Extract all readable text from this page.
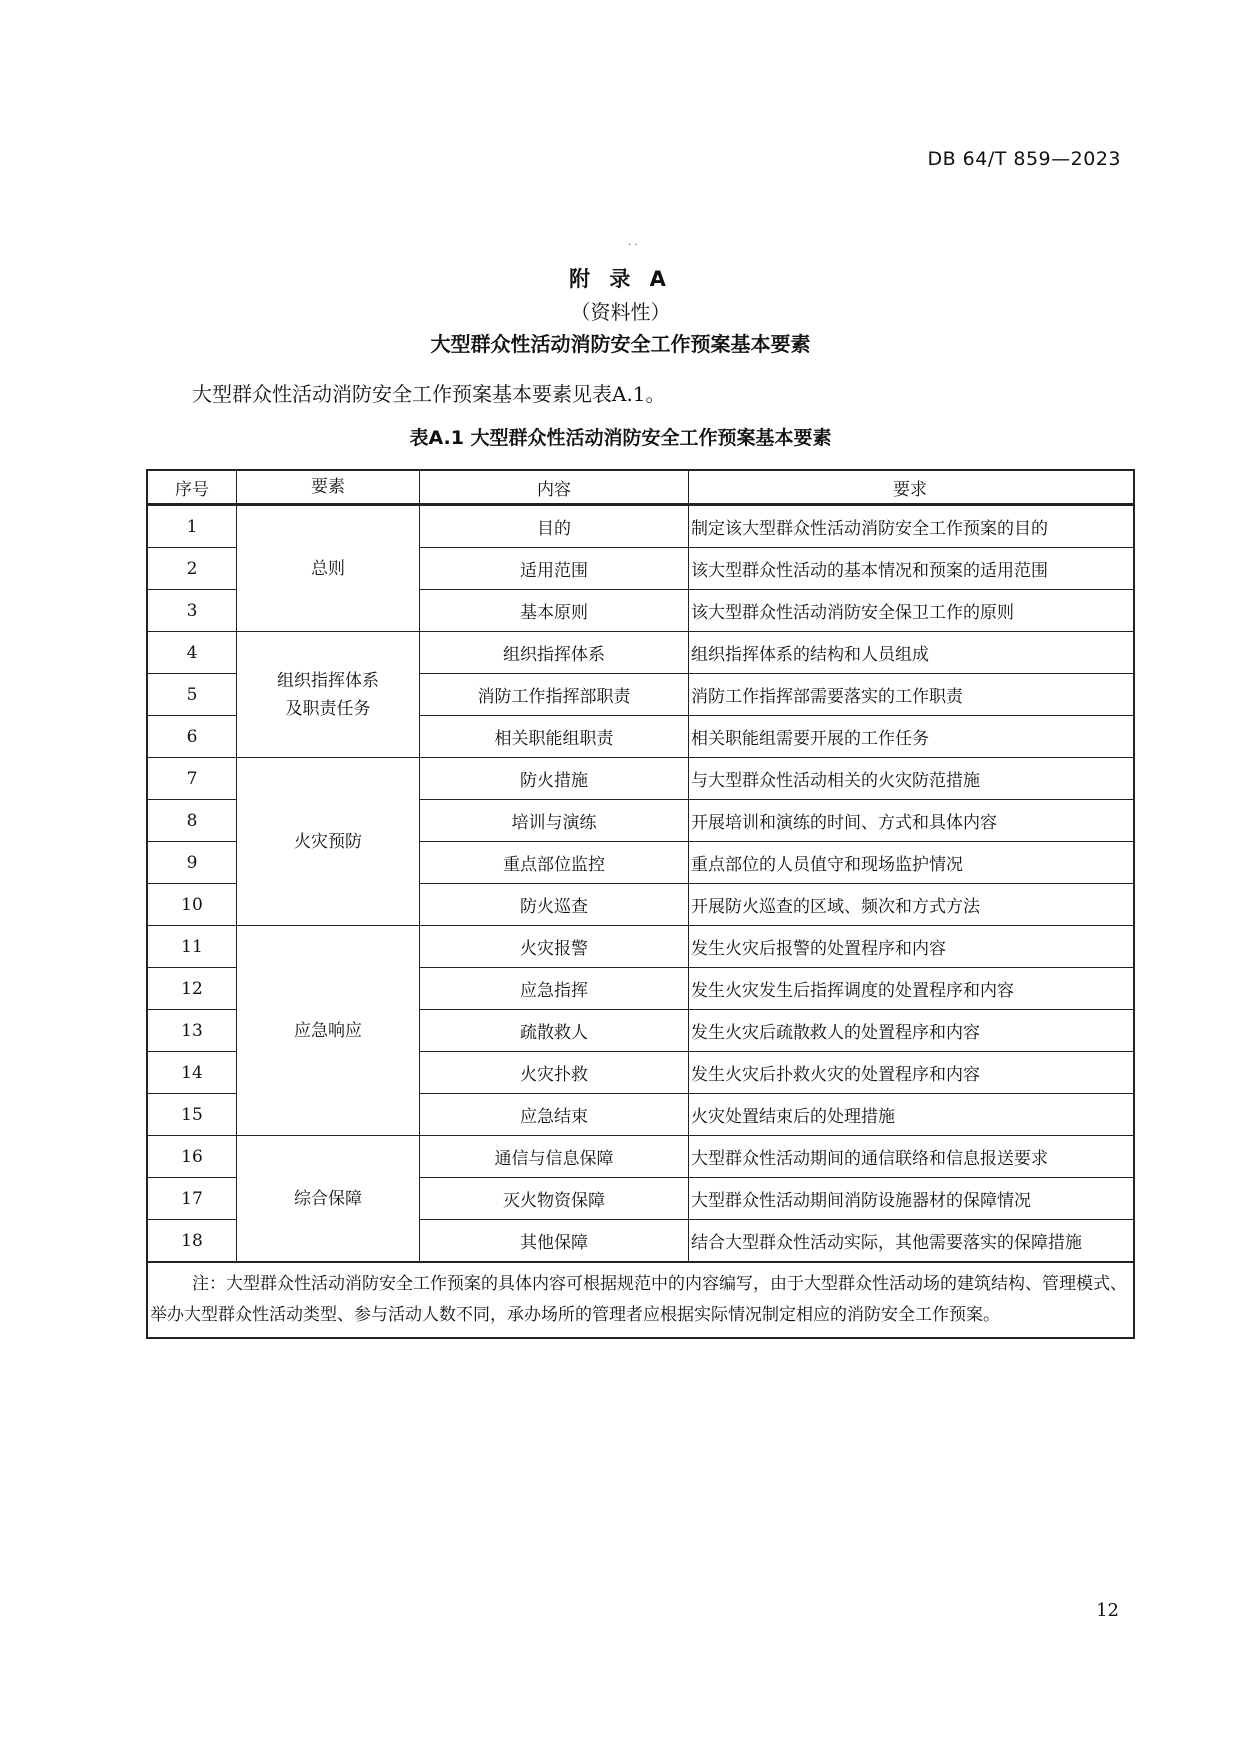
DB 64/T 859—2023
· ·
附 录 A
（资料性）
大型群众性活动消防安全工作预案基本要素
大型群众性活动消防安全工作预案基本要素见表A.1。
表A.1 大型群众性活动消防安全工作预案基本要素
序号	要素	内容	要求
1	总则	目的	制定该大型群众性活动消防安全工作预案的目的
2		适用范围	该大型群众性活动的基本情况和预案的适用范围
3		基本原则	该大型群众性活动消防安全保卫工作的原则
4	组织指挥体系
及职责任务	组织指挥体系	组织指挥体系的结构和人员组成
5		消防工作指挥部职责	消防工作指挥部需要落实的工作职责
6		相关职能组职责	相关职能组需要开展的工作任务
7	火灾预防	防火措施	与大型群众性活动相关的火灾防范措施
8		培训与演练	开展培训和演练的时间、方式和具体内容
9		重点部位监控	重点部位的人员值守和现场监护情况
10		防火巡查	开展防火巡查的区域、频次和方式方法
11	应急响应	火灾报警	发生火灾后报警的处置程序和内容
12		应急指挥	发生火灾发生后指挥调度的处置程序和内容
13		疏散救人	发生火灾后疏散救人的处置程序和内容
14		火灾扑救	发生火灾后扑救火灾的处置程序和内容
15		应急结束	火灾处置结束后的处理措施
16	综合保障	通信与信息保障	大型群众性活动期间的通信联络和信息报送要求
17		灭火物资保障	大型群众性活动期间消防设施器材的保障情况
18		其他保障	结合大型群众性活动实际，其他需要落实的保障措施
注：大型群众性活动消防安全工作预案的具体内容可根据规范中的内容编写，由于大型群众性活动场的建筑结构、管理模式、举办大型群众性活动类型、参与活动人数不同，承办场所的管理者应根据实际情况制定相应的消防安全工作预案。			
12
